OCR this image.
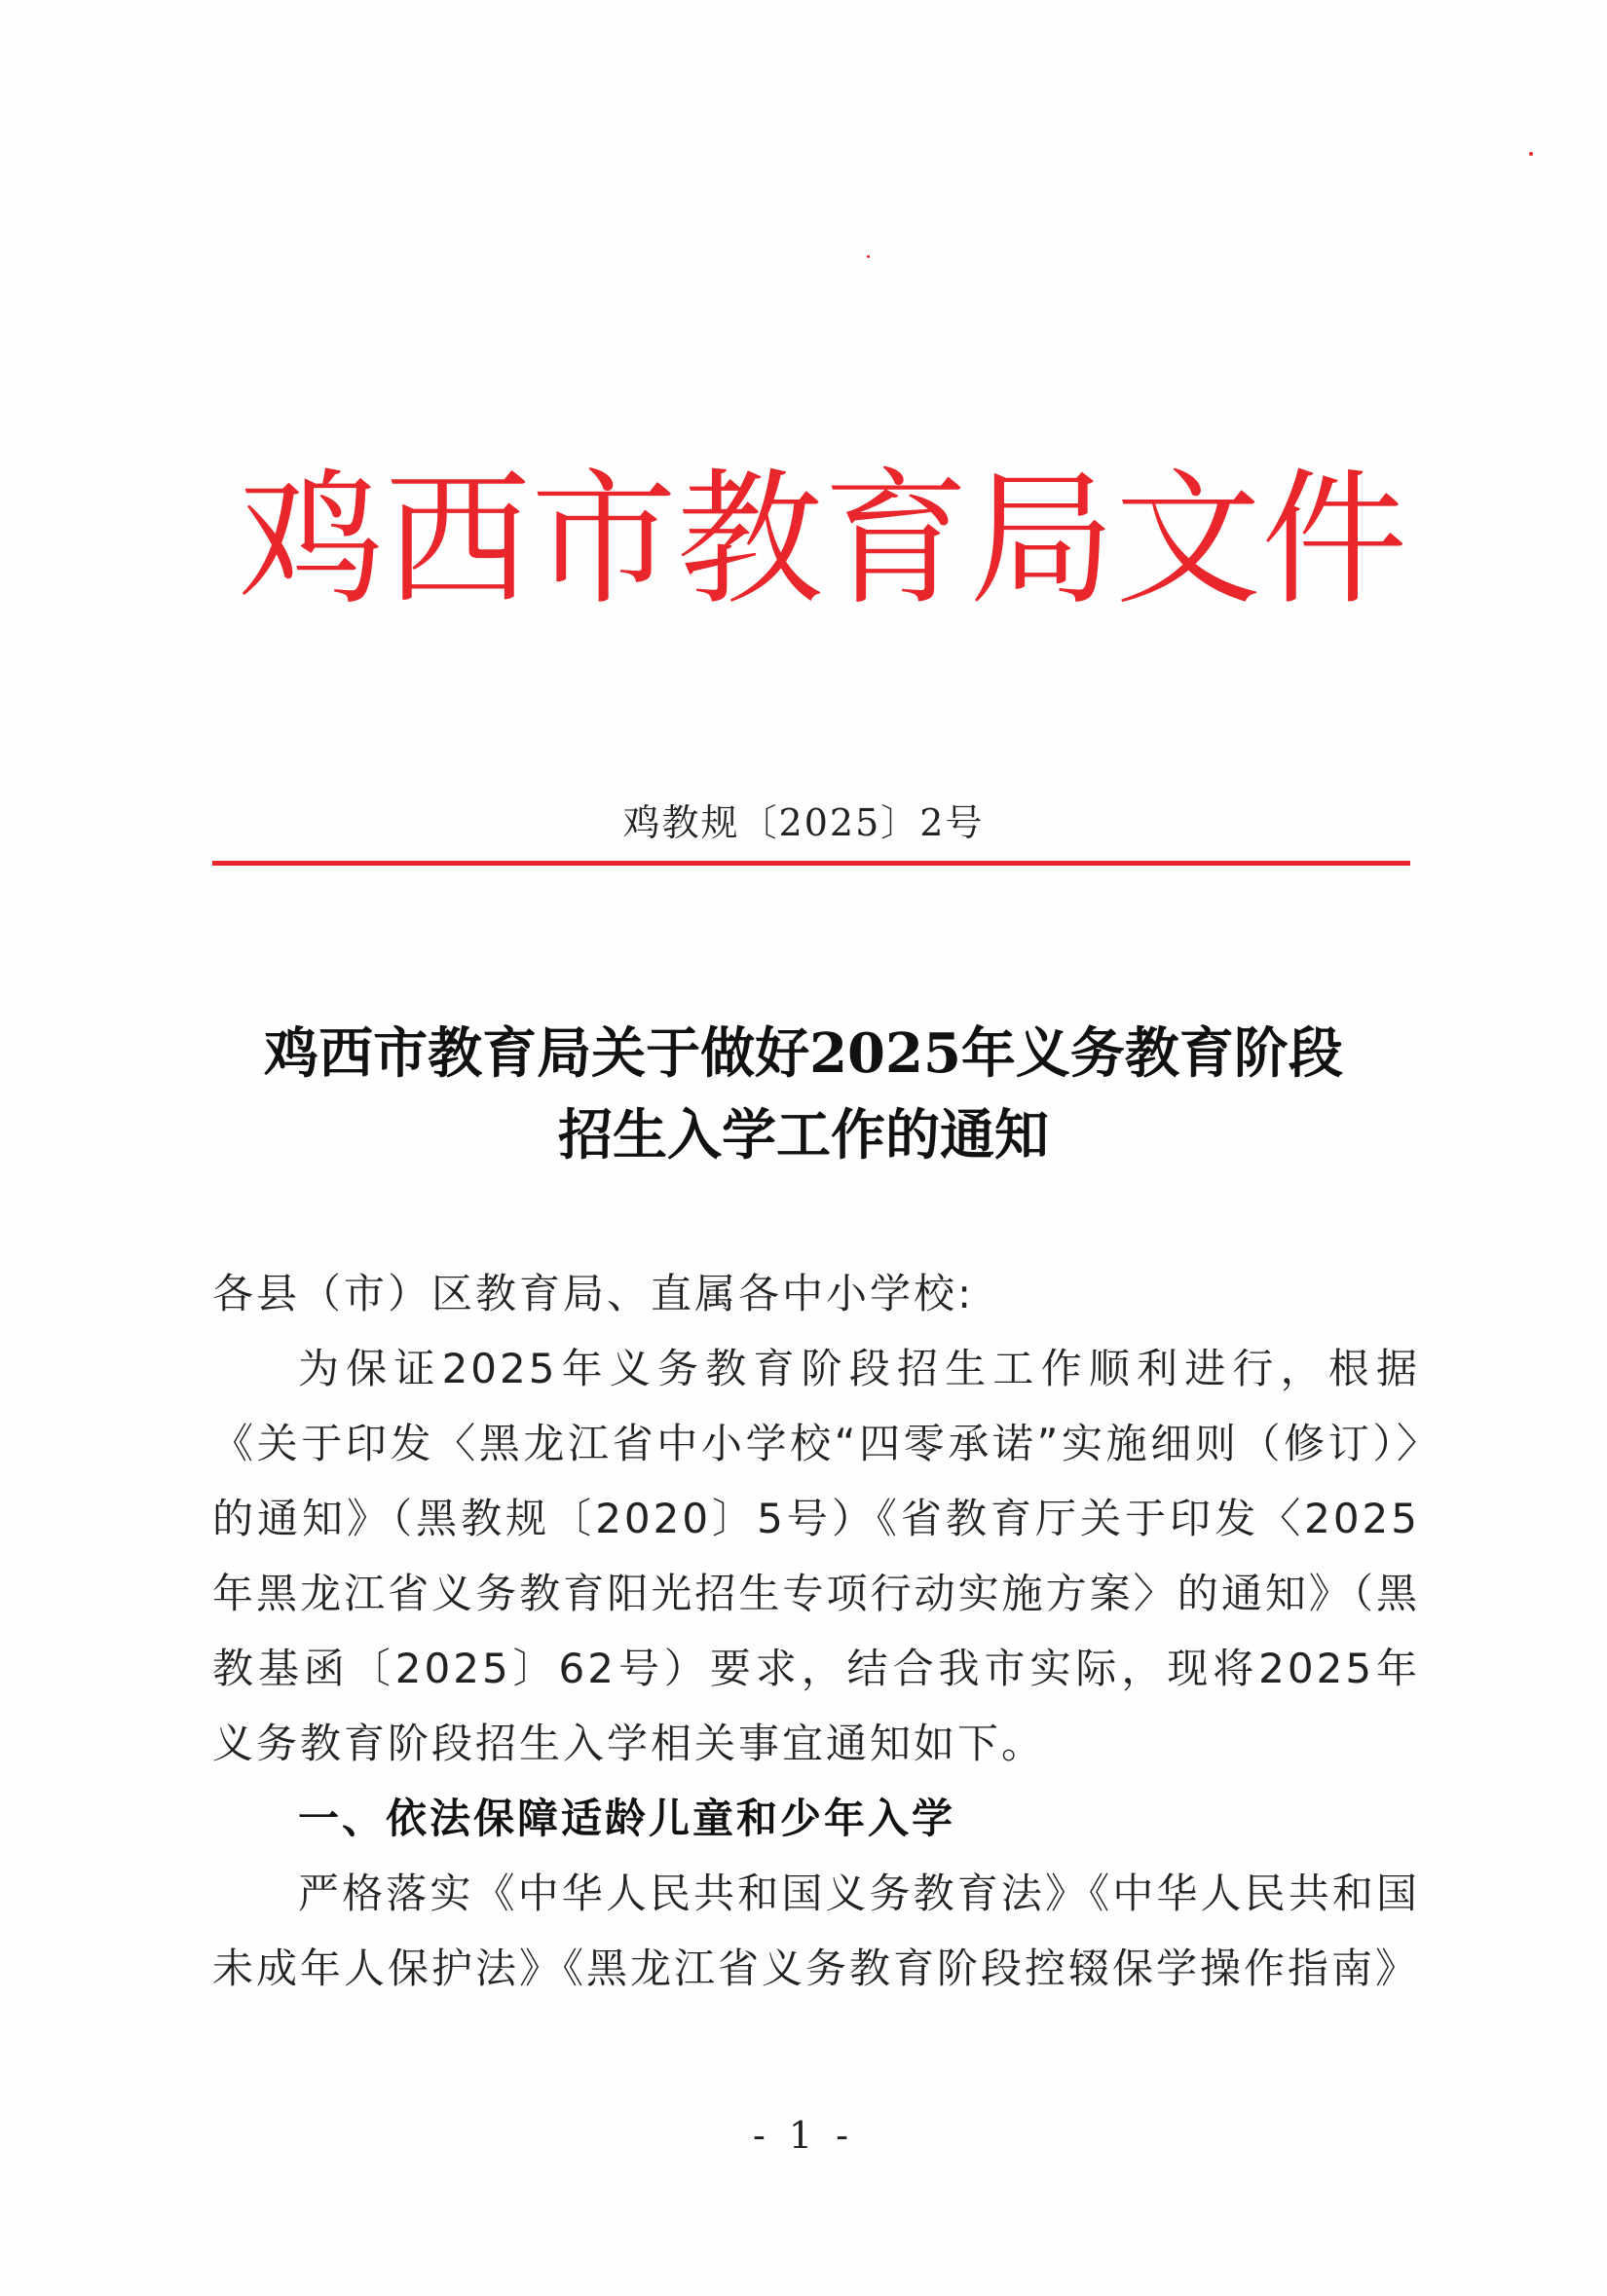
鸡西市教育局文件
鸡教规〔2025〕2号
鸡西市教育局关于做好2025年义务教育阶段
招生入学工作的通知

各县（市）区教育局、直属各中小学校:

为保证2025年义务教育阶段招生工作顺利进行，根据《关于印发〈黑龙江省中小学校“四零承诺”实施细则（修订）〉的通知》（黑教规〔2020〕5号）《省教育厅关于印发〈2025年黑龙江省义务教育阳光招生专项行动实施方案〉的通知》（黑教基函〔2025〕62号）要求，结合我市实际，现将2025年义务教育阶段招生入学相关事宜通知如下。

一、依法保障适龄儿童和少年入学

严格落实《中华人民共和国义务教育法》《中华人民共和国未成年人保护法》《黑龙江省义务教育阶段控辍保学操作指南》

- 1 -
